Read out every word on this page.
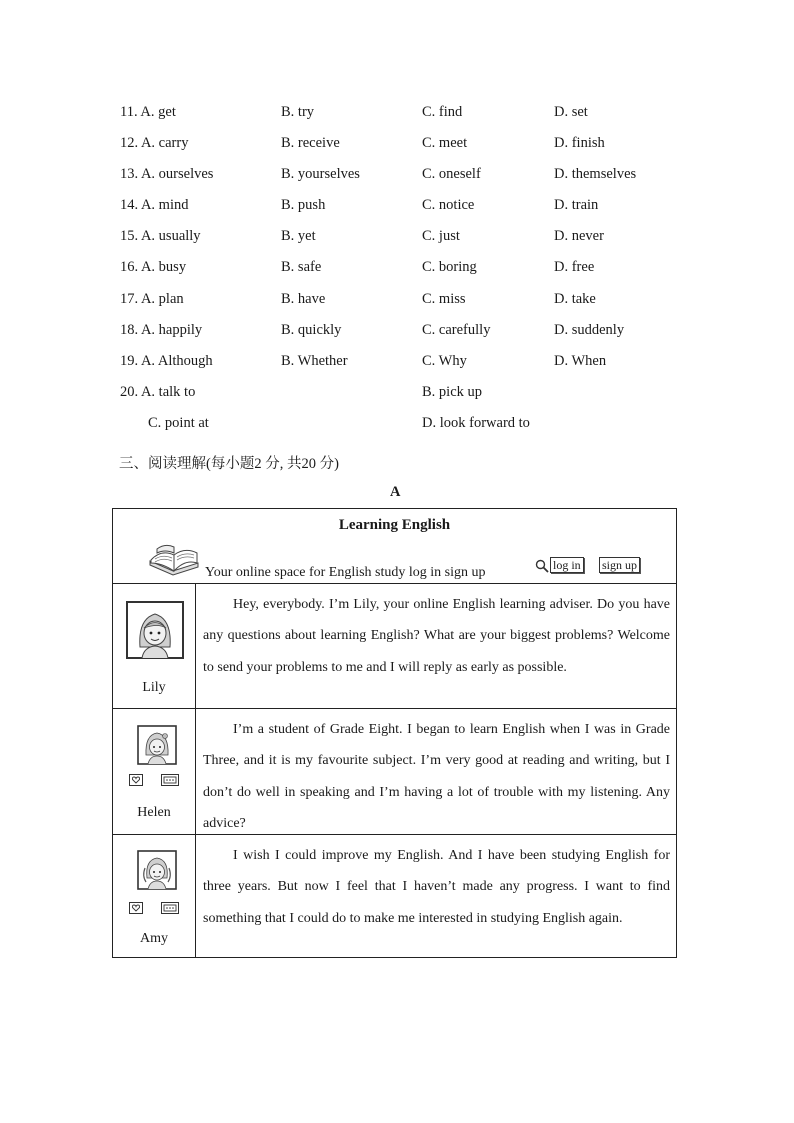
11. A. get	B. try	C. find	D. set
12. A. carry	B. receive	C. meet	D. finish
13. A. ourselves	B. yourselves	C. oneself	D. themselves
14. A. mind	B. push	C. notice	D. train
15. A. usually	B. yet	C. just	D. never
16. A. busy	B. safe	C. boring	D. free
17. A. plan	B. have	C. miss	D. take
18. A. happily	B. quickly	C. carefully	D. suddenly
19. A. Although	B. Whether	C. Why	D. When
20. A. talk to	B. pick up
C. point at	D. look forward to
三、阅读理解(每小题2 分, 共20 分)
A
Learning English
Your online space for English study log in sign up	log in sign up
Lily
Hey, everybody. I’m Lily, your online English learning adviser. Do you have any questions about learning English? What are your biggest problems? Welcome to send your problems to me and I will reply as early as possible.
Helen
I’m a student of Grade Eight. I began to learn English when I was in Grade Three, and it is my favourite subject. I’m very good at reading and writing, but I don’t do well in speaking and I’m having a lot of trouble with my listening. Any advice?
Amy
I wish I could improve my English. And I have been studying English for three years. But now I feel that I haven’t made any progress. I want to find something that I could do to make me interested in studying English again.
